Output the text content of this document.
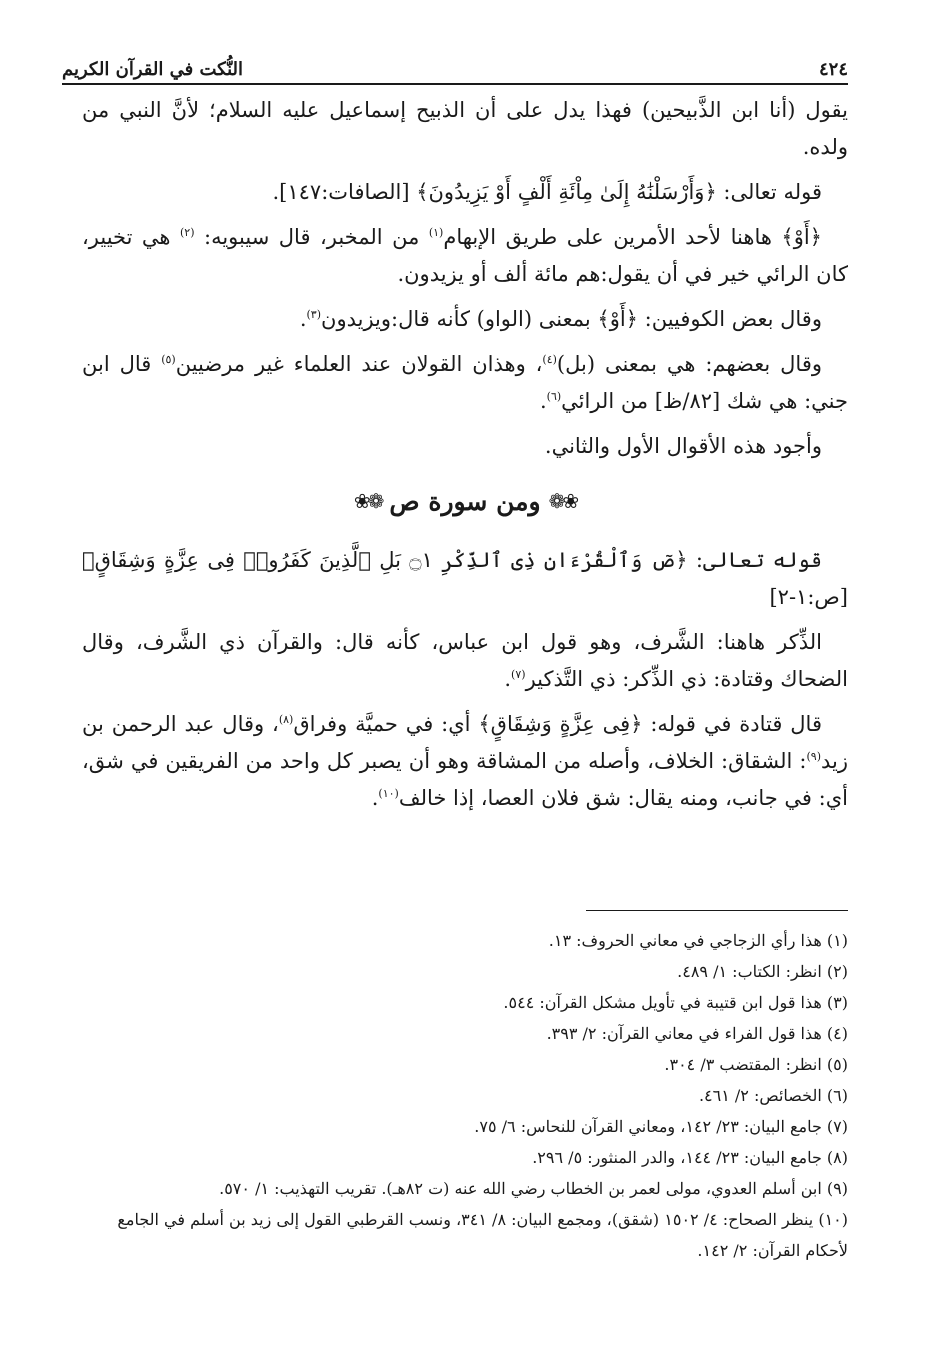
٤٢٤
النُّكت في القرآن الكريم

يقول (أنا ابن الذَّبيحين) فهذا يدل على أن الذبيح إسماعيل عليه السلام؛ لأنَّ النبي من ولده.

قوله تعالى: ﴿وَأَرْسَلْنَٰهُ إِلَىٰ مِاْئَةِ أَلْفٍ أَوْ يَزِيدُونَ﴾ [الصافات:١٤٧].

﴿أَوْ﴾ هاهنا لأحد الأمرين على طريق الإبهام$^{(١)}$ من المخبر، قال سيبويه: $^{(٢)}$ هي تخيير، كان الرائي خير في أن يقول:هم مائة ألف أو يزيدون.

وقال بعض الكوفيين: ﴿أَوْ﴾ بمعنى (الواو) كأنه قال:ويزيدون$^{(٣)}$.

وقال بعضهم: هي بمعنى (بل)$^{(٤)}$، وهذان القولان عند العلماء غير مرضيين$^{(٥)}$ قال ابن جني: هي شك [٨٢/ظ] من الرائي$^{(٦)}$.

وأجود هذه الأقوال الأول والثاني.

❀❁
ومن سورة ص
❁❀

قوله تعالى: ﴿صٓ وَٱلْقُرْءَانِ ذِى ٱلذِّكْرِ ۝١ بَلِ ٱلَّذِينَ كَفَرُوا۟ فِى عِزَّةٍ وَشِقَاقٍ﴾ [ص:١-٢]

الذِّكر هاهنا: الشَّرف، وهو قول ابن عباس، كأنه قال: والقرآن ذي الشَّرف، وقال الضحاك وقتادة: ذي الذِّكر: ذي التَّذكير$^{(٧)}$.

قال قتادة في قوله: ﴿فِى عِزَّةٍ وَشِقَاقٍ﴾ أي: في حميَّة وفراق$^{(٨)}$، وقال عبد الرحمن بن زيد$^{(٩)}$: الشقاق: الخلاف، وأصله من المشاقة وهو أن يصبر كل واحد من الفريقين في شق، أي: في جانب، ومنه يقال: شق فلان العصا، إذا خالف$^{(١٠)}$.

(١) هذا رأي الزجاجي في معاني الحروف: ١٣.
(٢) انظر: الكتاب: ١/ ٤٨٩.
(٣) هذا قول ابن قتيبة في تأويل مشكل القرآن: ٥٤٤.
(٤) هذا قول الفراء في معاني القرآن: ٢/ ٣٩٣.
(٥) انظر: المقتضب ٣/ ٣٠٤.
(٦) الخصائص: ٢/ ٤٦١.
(٧) جامع البيان: ٢٣/ ١٤٢، ومعاني القرآن للنحاس: ٦/ ٧٥.
(٨) جامع البيان: ٢٣/ ١٤٤، والدر المنثور: ٥/ ٢٩٦.
(٩) ابن أسلم العدوي، مولى لعمر بن الخطاب رضي الله عنه (ت ٨٢هـ). تقريب التهذيب: ١/ ٥٧٠.
(١٠) ينظر الصحاح: ٤/ ١٥٠٢ (شقق)، ومجمع البيان: ٨/ ٣٤١، ونسب القرطبي القول إلى زيد بن أسلم في الجامع لأحكام القرآن: ٢/ ١٤٢.
